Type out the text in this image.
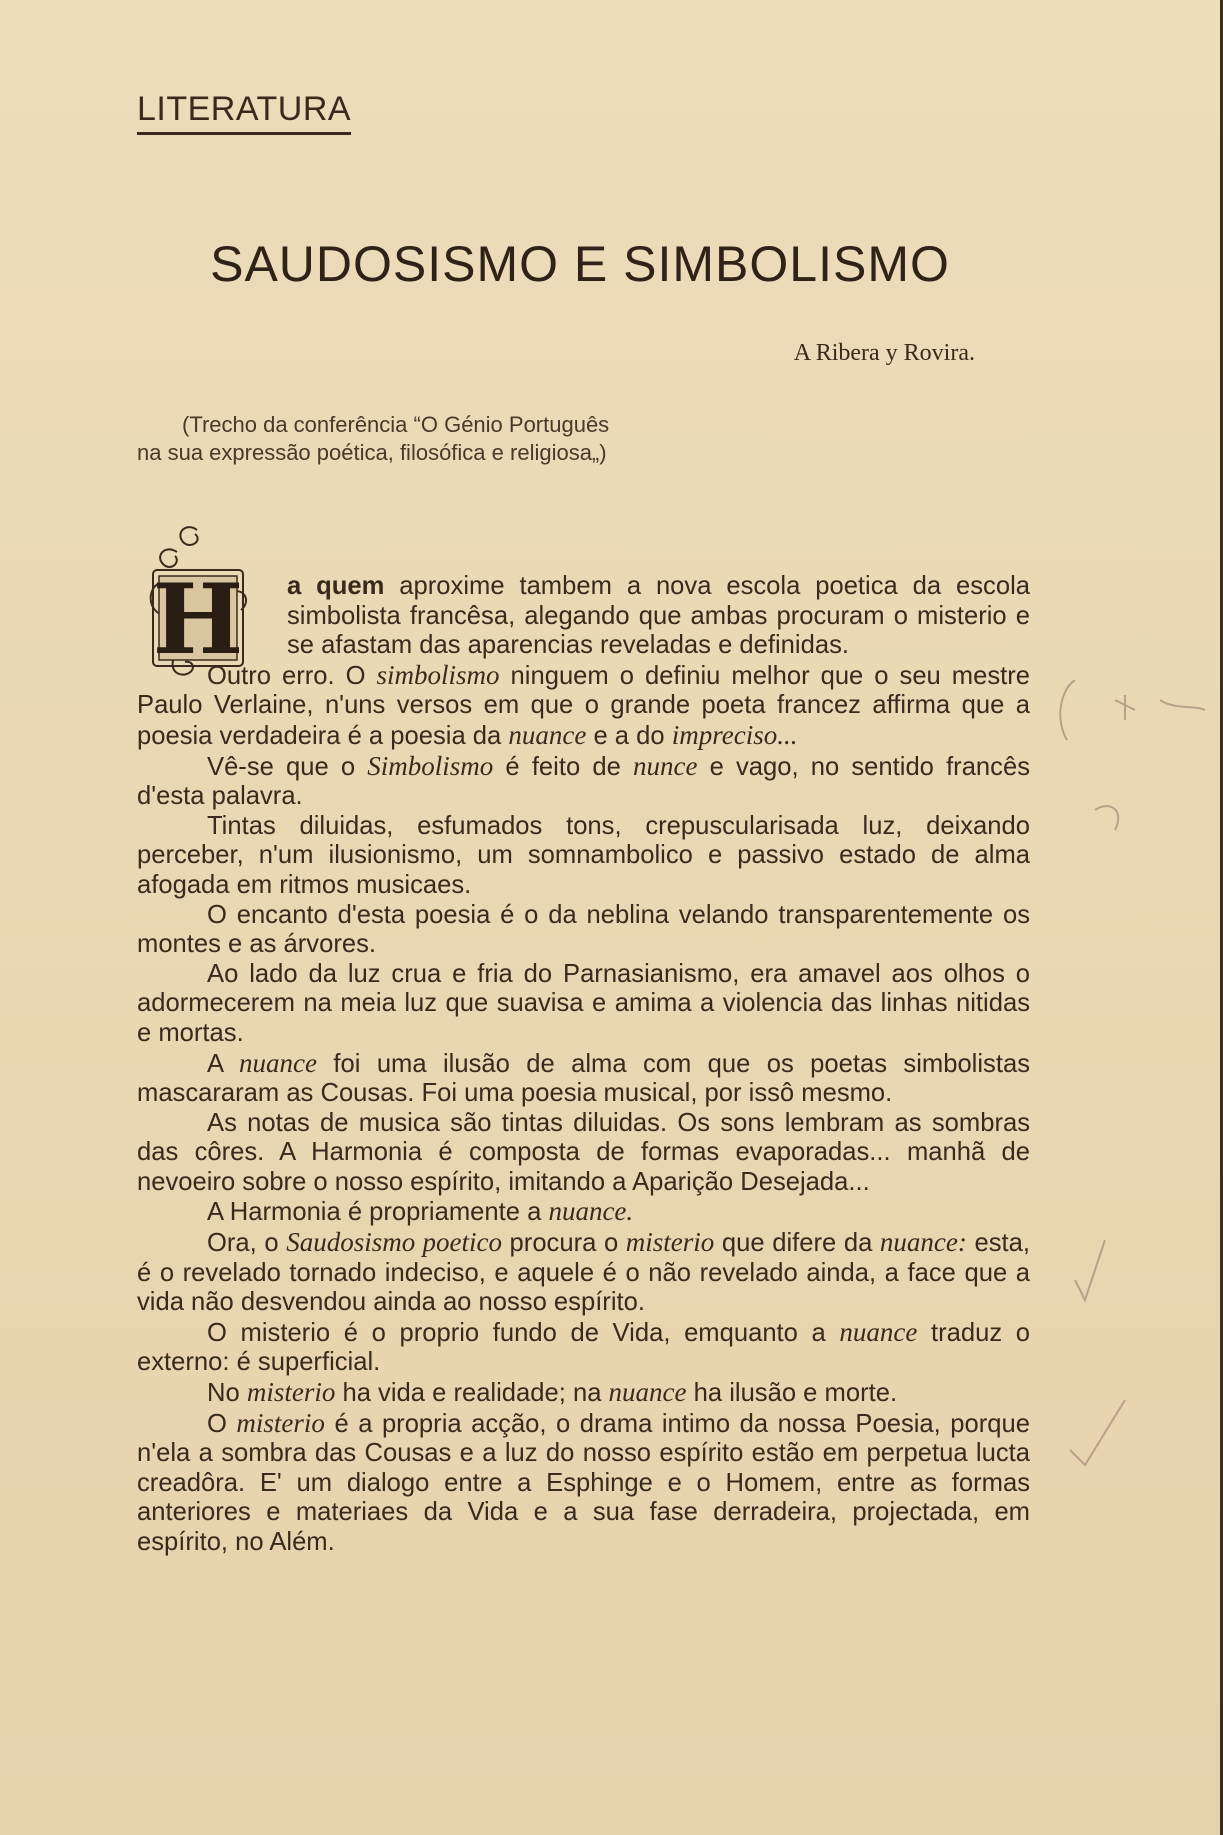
LITERATURA
SAUDOSISMO E SIMBOLISMO
A Ribera y Rovira.
(Trecho da conferência “O Génio Português
na sua expressão poética, filosófica e religiosa„)
H a quem aproxime tambem a nova escola poetica da escola simbolista francêsa, alegando que ambas procuram o misterio e se afastam das aparencias reveladas e definidas.

Outro erro. O simbolismo ninguem o definiu melhor que o seu mestre Paulo Verlaine, n'uns versos em que o grande poeta francez affirma que a poesia verdadeira é a poesia da nuance e a do impreciso...

Vê-se que o Simbolismo é feito de nunce e vago, no sentido francês d'esta palavra.

Tintas diluidas, esfumados tons, crepuscularisada luz, deixando perceber, n'um ilusionismo, um somnambolico e passivo estado de alma afogada em ritmos musicaes.

O encanto d'esta poesia é o da neblina velando transparentemente os montes e as árvores.

Ao lado da luz crua e fria do Parnasianismo, era amavel aos olhos o adormecerem na meia luz que suavisa e amima a violencia das linhas nitidas e mortas.

A nuance foi uma ilusão de alma com que os poetas simbolistas mascararam as Cousas. Foi uma poesia musical, por issô mesmo.

As notas de musica são tintas diluidas. Os sons lembram as sombras das côres. A Harmonia é composta de formas evaporadas... manhã de nevoeiro sobre o nosso espírito, imitando a Aparição Desejada...

A Harmonia é propriamente a nuance.

Ora, o Saudosismo poetico procura o misterio que difere da nuance: esta, é o revelado tornado indeciso, e aquele é o não revelado ainda, a face que a vida não desvendou ainda ao nosso espírito.

O misterio é o proprio fundo de Vida, emquanto a nuance traduz o externo: é superficial.

No misterio ha vida e realidade; na nuance ha ilusão e morte.

O misterio é a propria acção, o drama intimo da nossa Poesia, porque n'ela a sombra das Cousas e a luz do nosso espírito estão em perpetua lucta creadôra. E' um dialogo entre a Esphinge e o Homem, entre as formas anteriores e materiaes da Vida e a sua fase derradeira, projectada, em espírito, no Além.
